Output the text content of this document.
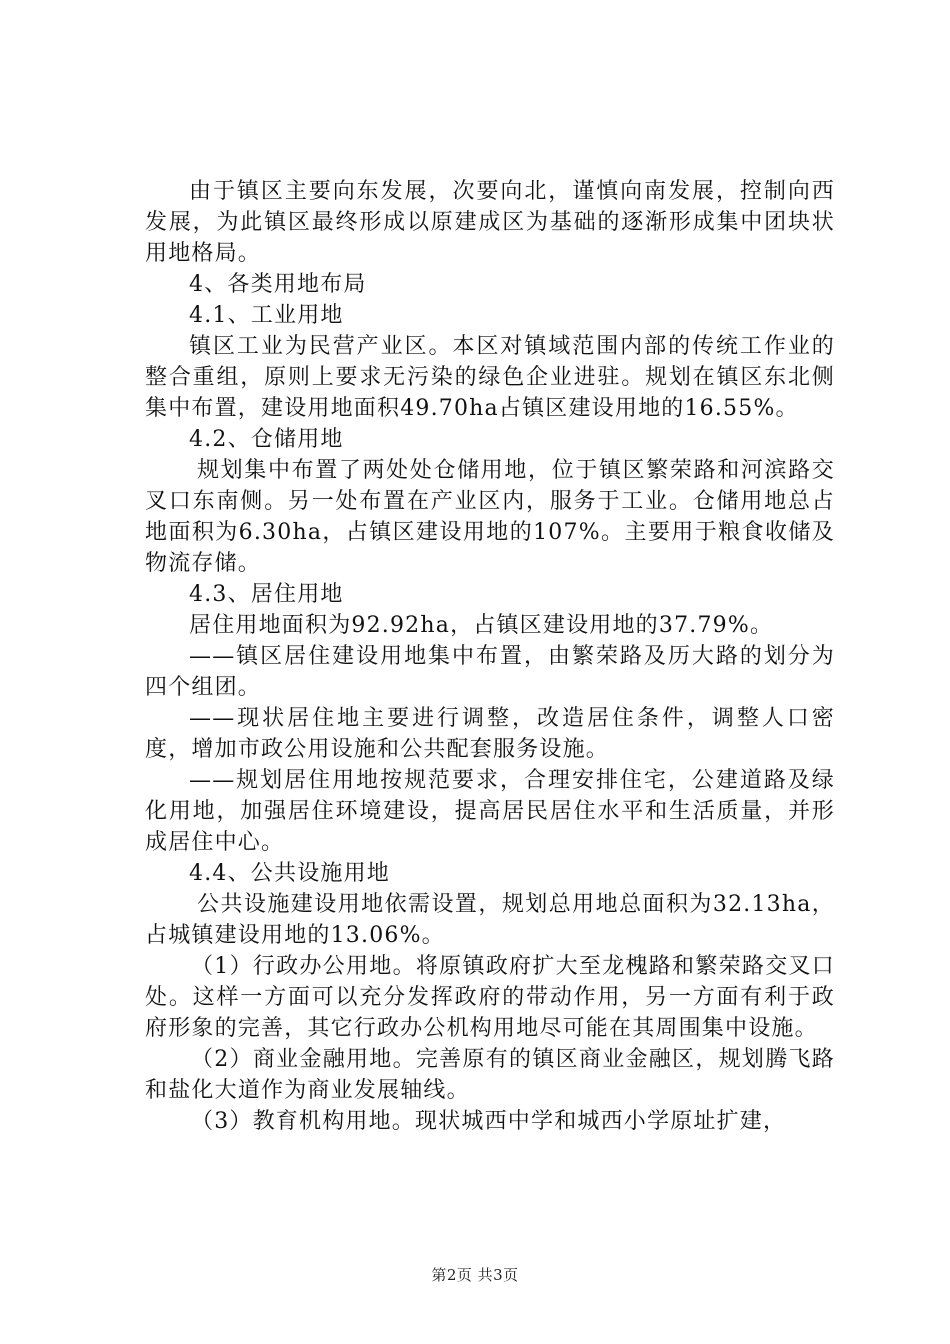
由于镇区主要向东发展，次要向北，谨慎向南发展，控制向西发展，为此镇区最终形成以原建成区为基础的逐渐形成集中团块状用地格局。

4、各类用地布局

4.1、工业用地

镇区工业为民营产业区。本区对镇域范围内部的传统工作业的整合重组，原则上要求无污染的绿色企业进驻。规划在镇区东北侧集中布置，建设用地面积49.70ha占镇区建设用地的16.55%。

4.2、仓储用地

规划集中布置了两处处仓储用地，位于镇区繁荣路和河滨路交叉口东南侧。另一处布置在产业区内，服务于工业。仓储用地总占地面积为6.30ha，占镇区建设用地的107%。主要用于粮食收储及物流存储。

4.3、居住用地

居住用地面积为92.92ha，占镇区建设用地的37.79%。

——镇区居住建设用地集中布置，由繁荣路及历大路的划分为四个组团。

——现状居住地主要进行调整，改造居住条件，调整人口密度，增加市政公用设施和公共配套服务设施。

——规划居住用地按规范要求，合理安排住宅，公建道路及绿化用地，加强居住环境建设，提高居民居住水平和生活质量，并形成居住中心。

4.4、公共设施用地

公共设施建设用地依需设置，规划总用地总面积为32.13ha，占城镇建设用地的13.06%。

（1）行政办公用地。将原镇政府扩大至龙槐路和繁荣路交叉口处。这样一方面可以充分发挥政府的带动作用，另一方面有利于政府形象的完善，其它行政办公机构用地尽可能在其周围集中设施。

（2）商业金融用地。完善原有的镇区商业金融区，规划腾飞路和盐化大道作为商业发展轴线。

（3）教育机构用地。现状城西中学和城西小学原址扩建，

第2页 共3页
